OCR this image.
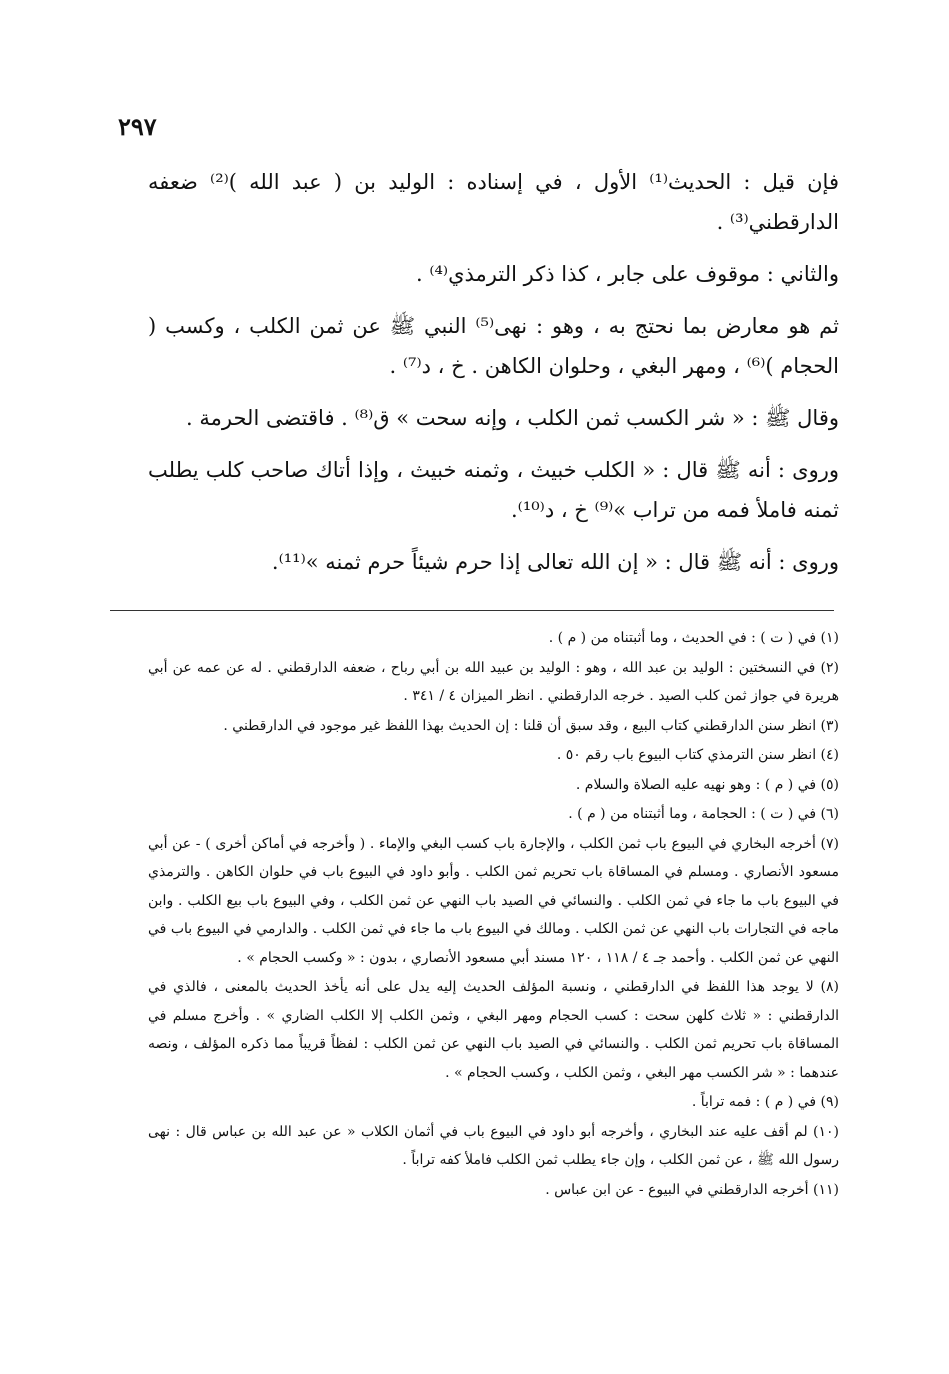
٢٩٧

فإن قيل : الحديث⁽¹⁾ الأول ، في إسناده : الوليد بن ( عبد الله )⁽²⁾ ضعفه الدارقطني⁽³⁾ .

والثاني : موقوف على جابر ، كذا ذكر الترمذي⁽⁴⁾ .

ثم هو معارض بما نحتج به ، وهو : نهى⁽⁵⁾ النبي ﷺ عن ثمن الكلب ، وكسب ( الحجام )⁽⁶⁾ ، ومهر البغي ، وحلوان الكاهن . خ ، د⁽⁷⁾ .

وقال ﷺ : « شر الكسب ثمن الكلب ، وإنه سحت » ق⁽⁸⁾ . فاقتضى الحرمة .

وروى : أنه ﷺ قال : « الكلب خبيث ، وثمنه خبيث ، وإذا أتاك صاحب كلب يطلب ثمنه فاملأ فمه من تراب »⁽⁹⁾ خ ، د⁽¹⁰⁾.

وروى : أنه ﷺ قال : « إن الله تعالى إذا حرم شيئاً حرم ثمنه »⁽¹¹⁾.

(١) في ( ت ) : في الحديث ، وما أثبتناه من ( م ) .

(٢) في النسختين : الوليد بن عبد الله ، وهو : الوليد بن عبيد الله بن أبي رباح ، ضعفه الدارقطني . له عن عمه عن أبي هريرة في جواز ثمن كلب الصيد . خرجه الدارقطني . انظر الميزان ٤ / ٣٤١ .

(٣) انظر سنن الدارقطني كتاب البيع ، وقد سبق أن قلنا : إن الحديث بهذا اللفظ غير موجود في الدارقطني .

(٤) انظر سنن الترمذي كتاب البيوع باب رقم ٥٠ .

(٥) في ( م ) : وهو نهيه عليه الصلاة والسلام .

(٦) في ( ت ) : الحجامة ، وما أثبتناه من ( م ) .

(٧) أخرجه البخاري في البيوع باب ثمن الكلب ، والإجارة باب كسب البغي والإماء . ( وأخرجه في أماكن أخرى ) - عن أبي مسعود الأنصاري . ومسلم في المساقاة باب تحريم ثمن الكلب . وأبو داود في البيوع باب في حلوان الكاهن . والترمذي في البيوع باب ما جاء في ثمن الكلب . والنسائي في الصيد باب النهي عن ثمن الكلب ، وفي البيوع باب بيع الكلب . وابن ماجه في التجارات باب النهي عن ثمن الكلب . ومالك في البيوع باب ما جاء في ثمن الكلب . والدارمي في البيوع باب في النهي عن ثمن الكلب . وأحمد جـ ٤ / ١١٨ ، ١٢٠ مسند أبي مسعود الأنصاري ، بدون : « وكسب الحجام » .

(٨) لا يوجد هذا اللفظ في الدارقطني ، ونسبة المؤلف الحديث إليه يدل على أنه يأخذ الحديث بالمعنى ، فالذي في الدارقطني : « ثلاث كلهن سحت : كسب الحجام ومهر البغي ، وثمن الكلب إلا الكلب الضاري » . وأخرج مسلم في المساقاة باب تحريم ثمن الكلب . والنسائي في الصيد باب النهي عن ثمن الكلب : لفظاً قريباً مما ذكره المؤلف ، ونصه عندهما : « شر الكسب مهر البغي ، وثمن الكلب ، وكسب الحجام » .

(٩) في ( م ) : فمه تراباً .

(١٠) لم أقف عليه عند البخاري ، وأخرجه أبو داود في البيوع باب في أثمان الكلاب « عن عبد الله بن عباس قال : نهى رسول الله ﷺ ، عن ثمن الكلب ، وإن جاء يطلب ثمن الكلب فاملأ كفه تراباً .

(١١) أخرجه الدارقطني في البيوع - عن ابن عباس .
